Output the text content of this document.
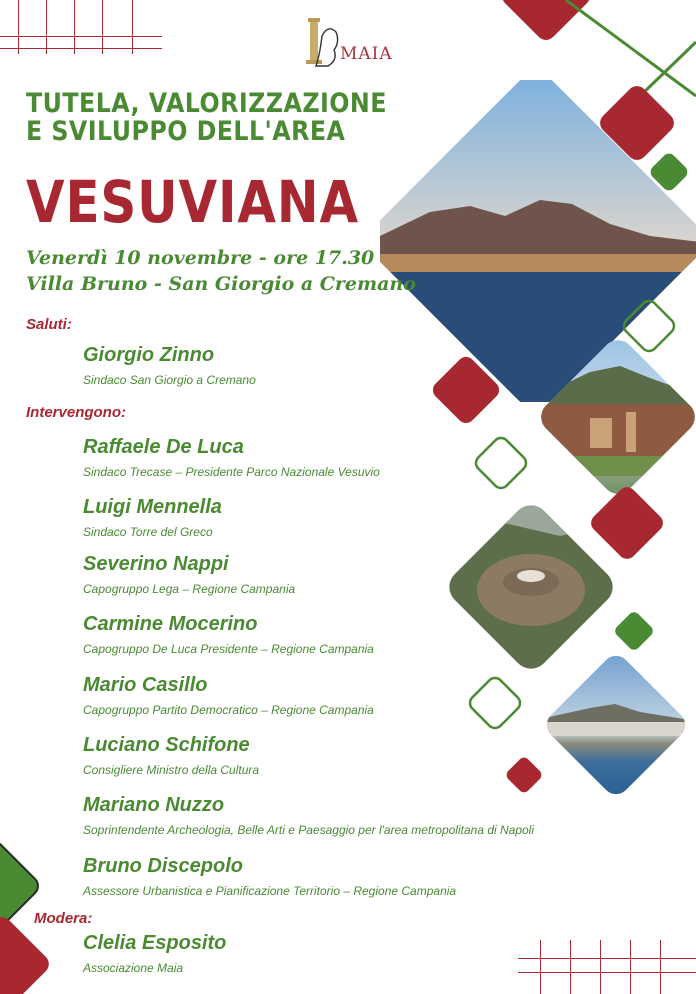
MAIA
TUTELA, VALORIZZAZIONE
E SVILUPPO DELL'AREA
VESUVIANA
Venerdì 10 novembre - ore 17.30
Villa Bruno - San Giorgio a Cremano
Saluti:
Giorgio Zinno
Sindaco San Giorgio a Cremano
Intervengono:
Raffaele De Luca
Sindaco Trecase – Presidente Parco Nazionale Vesuvio
Luigi Mennella
Sindaco Torre del Greco
Severino Nappi
Capogruppo Lega – Regione Campania
Carmine Mocerino
Capogruppo De Luca Presidente – Regione Campania
Mario Casillo
Capogruppo Partito Democratico – Regione Campania
Luciano Schifone
Consigliere Ministro della Cultura
Mariano Nuzzo
Soprintendente Archeologia, Belle Arti e Paesaggio per l'area metropolitana di Napoli
Bruno Discepolo
Assessore Urbanistica e Pianificazione Territorio – Regione Campania
Modera:
Clelia Esposito
Associazione Maia
